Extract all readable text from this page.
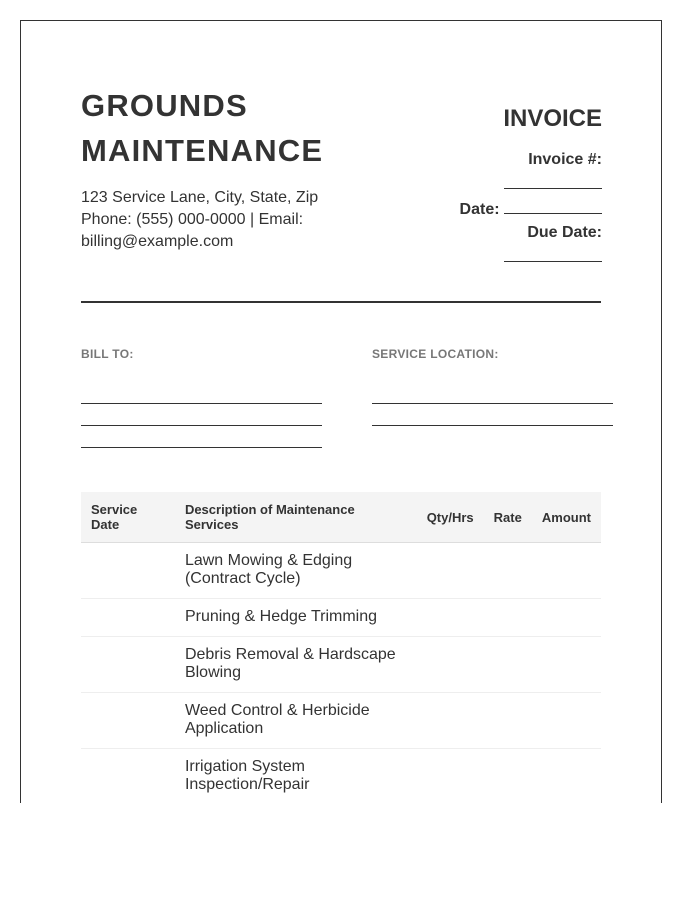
GROUNDS MAINTENANCE
123 Service Lane, City, State, Zip
Phone: (555) 000-0000 | Email: billing@example.com
INVOICE
Invoice #:
Date:
Due Date:
BILL TO:	SERVICE LOCATION:
Service Date	Description of Maintenance Services	Qty/Hrs	Rate	Amount
	Lawn Mowing & Edging (Contract Cycle)			
	Pruning & Hedge Trimming			
	Debris Removal & Hardscape Blowing			
	Weed Control & Herbicide Application			
	Irrigation System Inspection/Repair			
